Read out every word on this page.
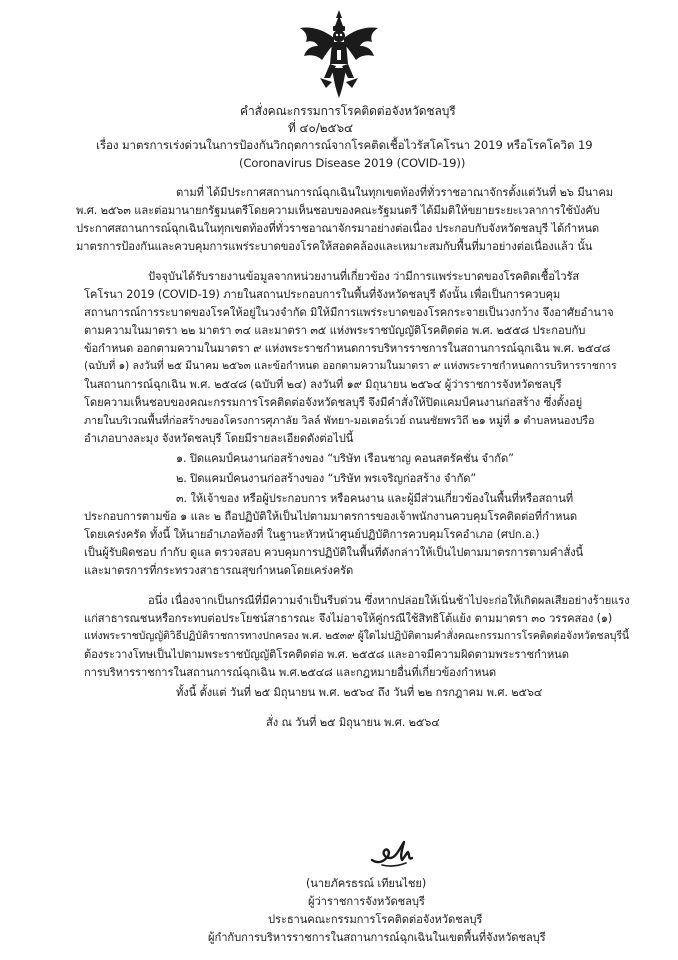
คำสั่งคณะกรรมการโรคติดต่อจังหวัดชลบุรี
ที่ ๔๐/๒๕๖๔
เรื่อง มาตรการเร่งด่วนในการป้องกันวิกฤตการณ์จากโรคติดเชื้อไวรัสโคโรนา 2019 หรือโรคโควิด 19
(Coronavirus Disease 2019 (COVID-19))
ตามที่ ได้มีประกาศสถานการณ์ฉุกเฉินในทุกเขตท้องที่ทั่วราชอาณาจักรตั้งแต่วันที่ ๒๖ มีนาคม
พ.ศ. ๒๕๖๓ และต่อมานายกรัฐมนตรีโดยความเห็นชอบของคณะรัฐมนตรี ได้มีมติให้ขยายระยะเวลาการใช้บังคับ
ประกาศสถานการณ์ฉุกเฉินในทุกเขตท้องที่ทั่วราชอาณาจักรมาอย่างต่อเนื่อง ประกอบกับจังหวัดชลบุรี ได้กำหนด
มาตรการป้องกันและควบคุมการแพร่ระบาดของโรคให้สอดคล้องและเหมาะสมกับพื้นที่มาอย่างต่อเนื่องแล้ว นั้น
ปัจจุบันได้รับรายงานข้อมูลจากหน่วยงานที่เกี่ยวข้อง ว่ามีการแพร่ระบาดของโรคติดเชื้อไวรัส
โคโรนา 2019 (COVID-19) ภายในสถานประกอบการในพื้นที่จังหวัดชลบุรี ดังนั้น เพื่อเป็นการควบคุม
สถานการณ์การระบาดของโรคให้อยู่ในวงจำกัด มิให้มีการแพร่ระบาดของโรคกระจายเป็นวงกว้าง จึงอาศัยอำนาจ
ตามความในมาตรา ๒๒ มาตรา ๓๔ และมาตรา ๓๕ แห่งพระราชบัญญัติโรคติดต่อ พ.ศ. ๒๕๕๘ ประกอบกับ
ข้อกำหนด ออกตามความในมาตรา ๙ แห่งพระราชกำหนดการบริหารราชการในสถานการณ์ฉุกเฉิน พ.ศ. ๒๕๔๘
(ฉบับที่ ๑) ลงวันที่ ๒๕ มีนาคม ๒๕๖๓ และข้อกำหนด ออกตามความในมาตรา ๙ แห่งพระราชกำหนดการบริหารราชการ
ในสถานการณ์ฉุกเฉิน พ.ศ. ๒๕๔๘ (ฉบับที่ ๒๔) ลงวันที่ ๑๙ มิถุนายน ๒๕๖๔ ผู้ว่าราชการจังหวัดชลบุรี
โดยความเห็นชอบของคณะกรรมการโรคติดต่อจังหวัดชลบุรี จึงมีคำสั่งให้ปิดแคมป์คนงานก่อสร้าง ซึ่งตั้งอยู่
ภายในบริเวณพื้นที่ก่อสร้างของโครงการศุภาลัย วิลล์ พัทยา-มอเตอร์เวย์ ถนนชัยพรวิถี ๒๑ หมู่ที่ ๑ ตำบลหนองปรือ
อำเภอบางละมุง จังหวัดชลบุรี โดยมีรายละเอียดดังต่อไปนี้
๑. ปิดแคมป์คนงานก่อสร้างของ “บริษัท เรือนชาญ คอนสตรัคชั่น จำกัด”
๒. ปิดแคมป์คนงานก่อสร้างของ “บริษัท พรเจริญก่อสร้าง จำกัด”
๓. ให้เจ้าของ หรือผู้ประกอบการ หรือคนงาน และผู้มีส่วนเกี่ยวข้องในพื้นที่หรือสถานที่
ประกอบการตามข้อ ๑ และ ๒ ถือปฏิบัติให้เป็นไปตามมาตรการของเจ้าพนักงานควบคุมโรคติดต่อที่กำหนด
โดยเคร่งครัด ทั้งนี้ ให้นายอำเภอท้องที่ ในฐานะหัวหน้าศูนย์ปฏิบัติการควบคุมโรคอำเภอ (ศปก.อ.)
เป็นผู้รับผิดชอบ กำกับ ดูแล ตรวจสอบ ควบคุมการปฏิบัติในพื้นที่ดังกล่าวให้เป็นไปตามมาตรการตามคำสั่งนี้
และมาตรการที่กระทรวงสาธารณสุขกำหนดโดยเคร่งครัด
อนึ่ง เนื่องจากเป็นกรณีที่มีความจำเป็นรีบด่วน ซึ่งหากปล่อยให้เนิ่นช้าไปจะก่อให้เกิดผลเสียอย่างร้ายแรง
แก่สาธารณชนหรือกระทบต่อประโยชน์สาธารณะ จึงไม่อาจให้คู่กรณีใช้สิทธิโต้แย้ง ตามมาตรา ๓๐ วรรคสอง (๑)
แห่งพระราชบัญญัติวิธีปฏิบัติราชการทางปกครอง พ.ศ. ๒๕๓๙ ผู้ใดไม่ปฏิบัติตามคำสั่งคณะกรรมการโรคติดต่อจังหวัดชลบุรีนี้
ต้องระวางโทษเป็นไปตามพระราชบัญญัติโรคติดต่อ พ.ศ. ๒๕๕๘ และอาจมีความผิดตามพระราชกำหนด
การบริหารราชการในสถานการณ์ฉุกเฉิน พ.ศ.๒๕๔๘ และกฎหมายอื่นที่เกี่ยวข้องกำหนด
ทั้งนี้ ตั้งแต่ วันที่ ๒๕ มิถุนายน พ.ศ. ๒๕๖๔ ถึง วันที่ ๒๒ กรกฎาคม พ.ศ. ๒๕๖๔
สั่ง ณ วันที่ ๒๕ มิถุนายน พ.ศ. ๒๕๖๔
(นายภัครธรณ์ เทียนไชย)
ผู้ว่าราชการจังหวัดชลบุรี
ประธานคณะกรรมการโรคติดต่อจังหวัดชลบุรี
ผู้กำกับการบริหารราชการในสถานการณ์ฉุกเฉินในเขตพื้นที่จังหวัดชลบุรี
